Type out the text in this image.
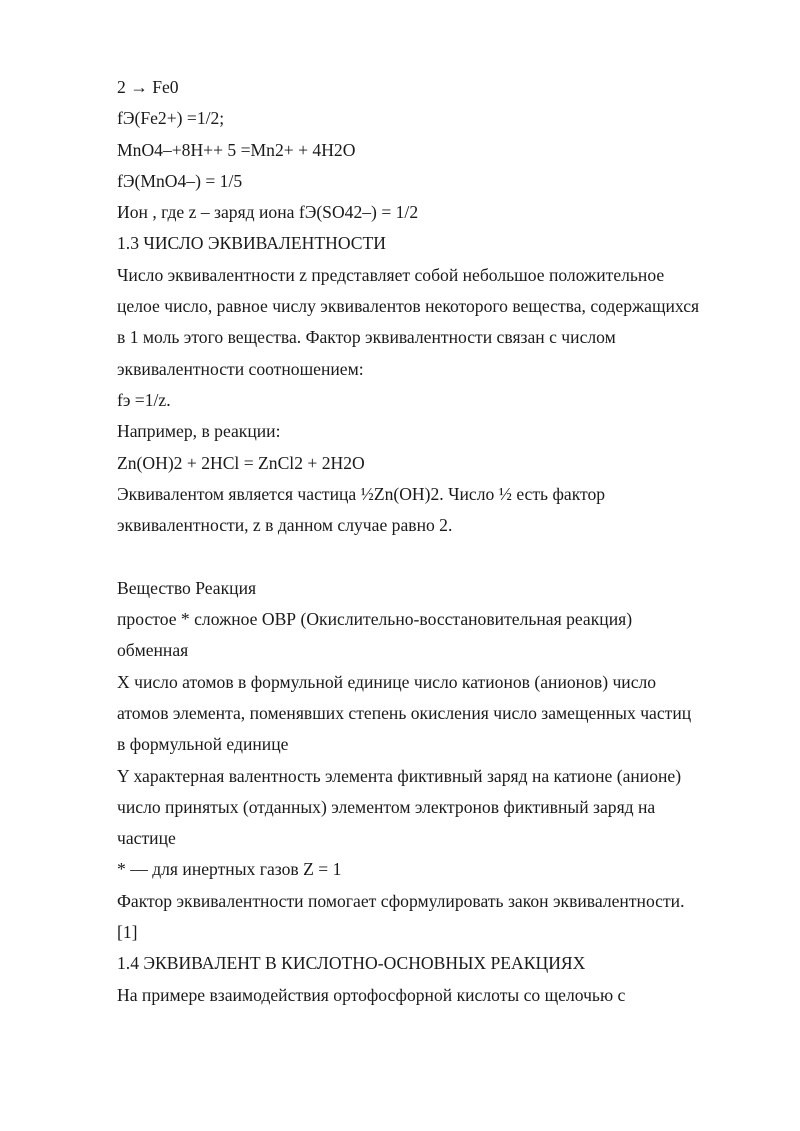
2 → Fe0
fЭ(Fe2+) =1/2;
MnO4–+8H++ 5 =Mn2+ + 4H2O
fЭ(MnO4–) = 1/5
Ион , где z – заряд иона fЭ(SO42–) = 1/2
1.3 ЧИСЛО ЭКВИВАЛЕНТНОСТИ
Число эквивалентности z представляет собой небольшое положительное
целое число, равное числу эквивалентов некоторого вещества, содержащихся
в 1 моль этого вещества. Фактор эквивалентности связан с числом
эквивалентности соотношением:
fэ =1/z.
Например, в реакции:
Zn(OH)2 + 2HCl = ZnCl2 + 2H2O
Эквивалентом является частица ½Zn(OH)2. Число ½ есть фактор
эквивалентности, z в данном случае равно 2.
Вещество Реакция
простое * сложное ОВР (Окислительно-восстановительная реакция)
обменная
X число атомов в формульной единице число катионов (анионов) число
атомов элемента, поменявших степень окисления число замещенных частиц
в формульной единице
Y характерная валентность элемента фиктивный заряд на катионе (анионе)
число принятых (отданных) элементом электронов фиктивный заряд на
частице
* — для инертных газов Z = 1
Фактор эквивалентности помогает сформулировать закон эквивалентности.
[1]
1.4 ЭКВИВАЛЕНТ В КИСЛОТНО-ОСНОВНЫХ РЕАКЦИЯХ
На примере взаимодействия ортофосфорной кислоты со щелочью с
